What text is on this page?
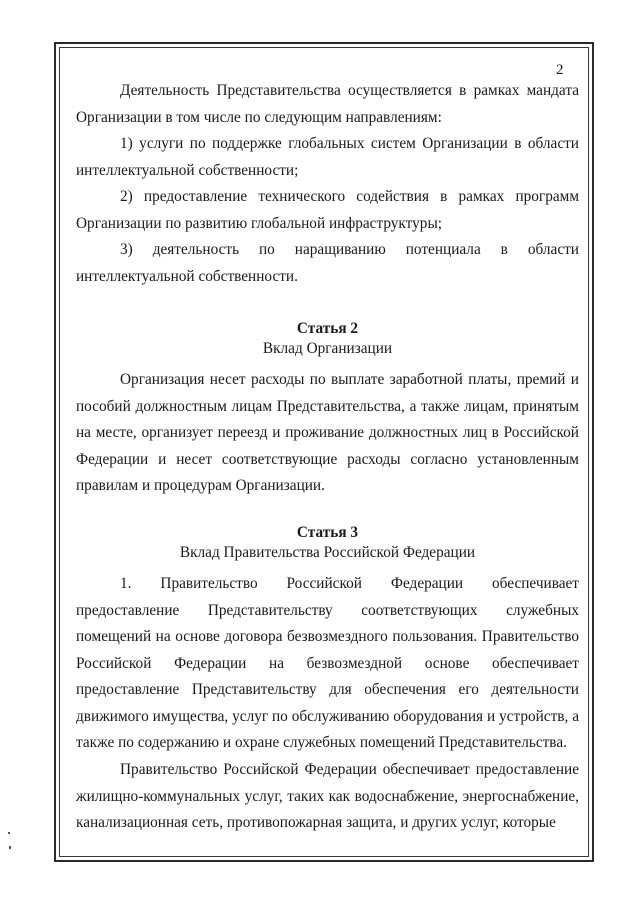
2
Деятельность Представительства осуществляется в рамках мандата Организации в том числе по следующим направлениям:
1) услуги по поддержке глобальных систем Организации в области интеллектуальной собственности;
2) предоставление технического содействия в рамках программ Организации по развитию глобальной инфраструктуры;
3) деятельность по наращиванию потенциала в области интеллектуальной собственности.
Статья 2
Вклад Организации
Организация несет расходы по выплате заработной платы, премий и пособий должностным лицам Представительства, а также лицам, принятым на месте, организует переезд и проживание должностных лиц в Российской Федерации и несет соответствующие расходы согласно установленным правилам и процедурам Организации.
Статья 3
Вклад Правительства Российской Федерации
1. Правительство Российской Федерации обеспечивает предоставление Представительству соответствующих служебных помещений на основе договора безвозмездного пользования. Правительство Российской Федерации на безвозмездной основе обеспечивает предоставление Представительству для обеспечения его деятельности движимого имущества, услуг по обслуживанию оборудования и устройств, а также по содержанию и охране служебных помещений Представительства.
Правительство Российской Федерации обеспечивает предоставление жилищно-коммунальных услуг, таких как водоснабжение, энергоснабжение, канализационная сеть, противопожарная защита, и других услуг, которые
